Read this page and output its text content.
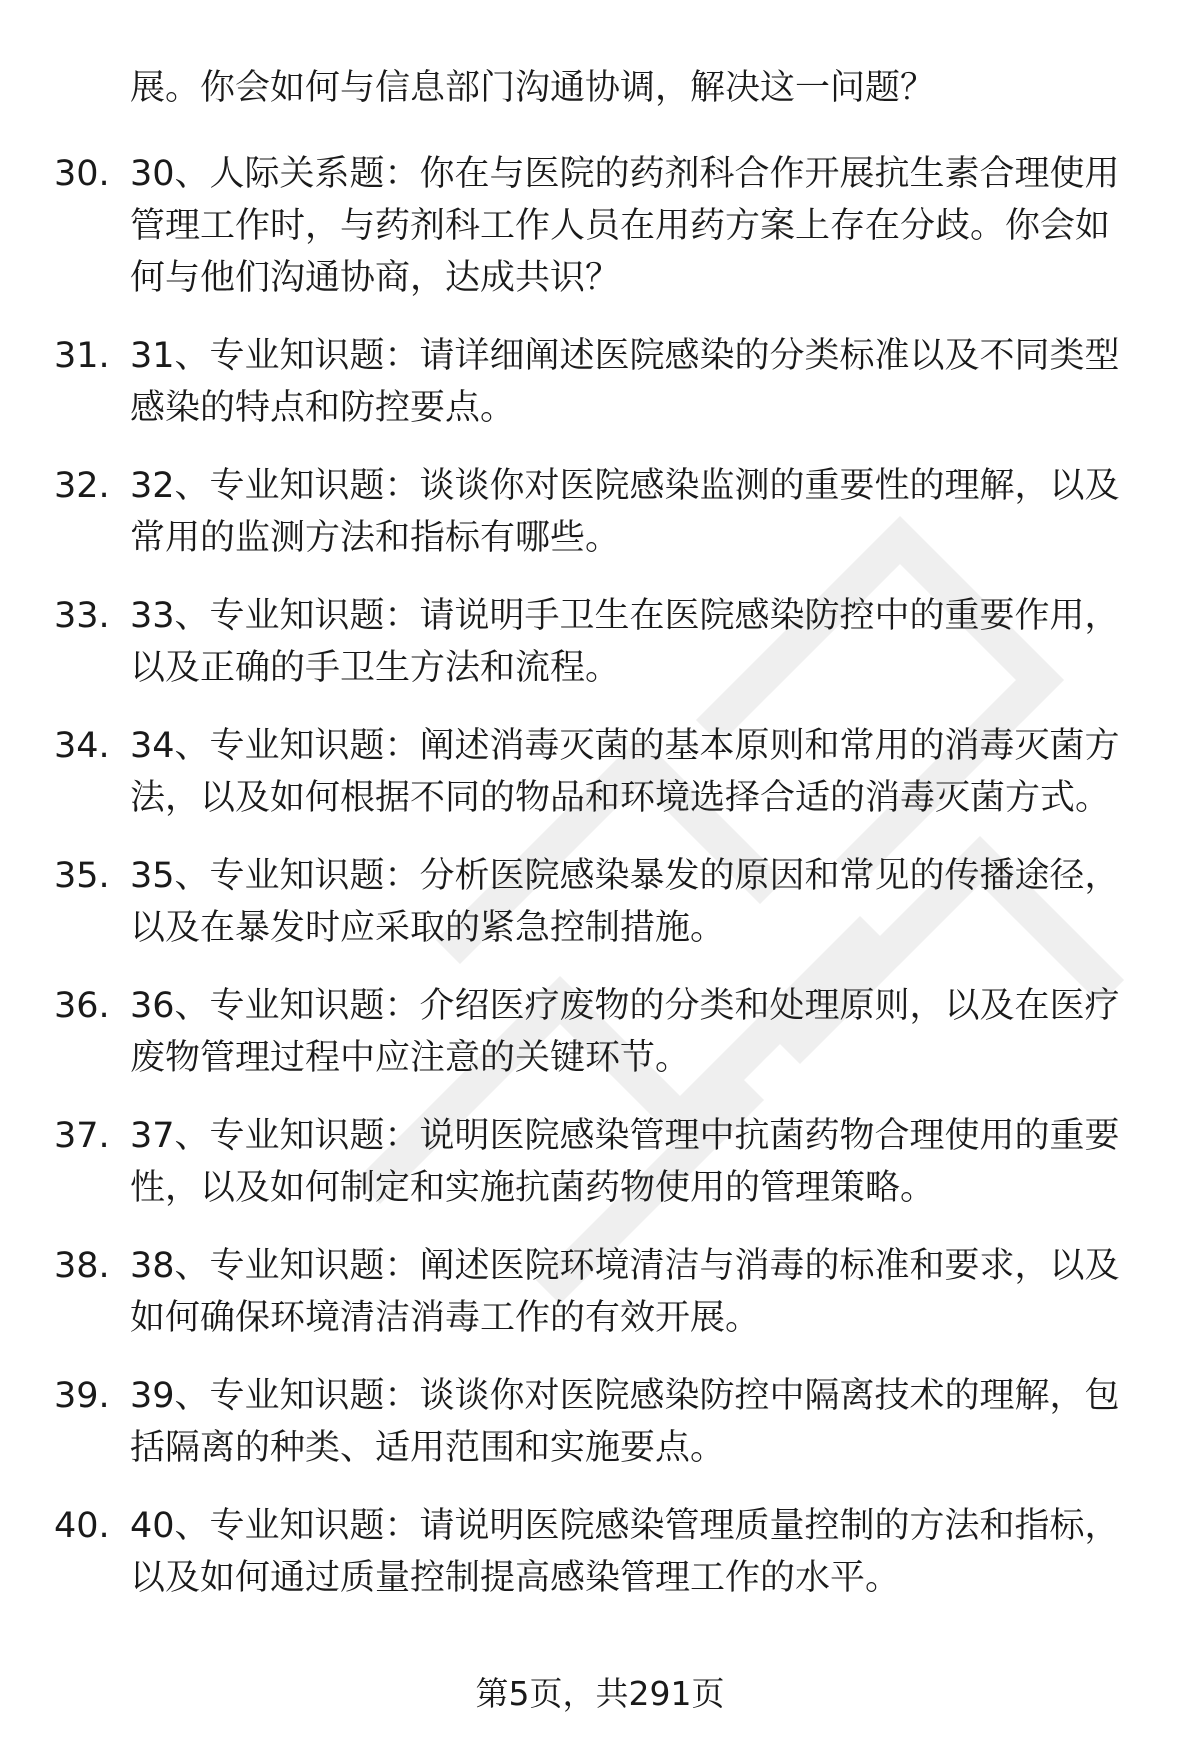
展。你会如何与信息部门沟通协调，解决这一问题？
30. 30、人际关系题：你在与医院的药剂科合作开展抗生素合理使用管理工作时，与药剂科工作人员在用药方案上存在分歧。你会如何与他们沟通协商，达成共识？
31. 31、专业知识题：请详细阐述医院感染的分类标准以及不同类型感染的特点和防控要点。
32. 32、专业知识题：谈谈你对医院感染监测的重要性的理解，以及常用的监测方法和指标有哪些。
33. 33、专业知识题：请说明手卫生在医院感染防控中的重要作用，以及正确的手卫生方法和流程。
34. 34、专业知识题：阐述消毒灭菌的基本原则和常用的消毒灭菌方法，以及如何根据不同的物品和环境选择合适的消毒灭菌方式。
35. 35、专业知识题：分析医院感染暴发的原因和常见的传播途径，以及在暴发时应采取的紧急控制措施。
36. 36、专业知识题：介绍医疗废物的分类和处理原则，以及在医疗废物管理过程中应注意的关键环节。
37. 37、专业知识题：说明医院感染管理中抗菌药物合理使用的重要性，以及如何制定和实施抗菌药物使用的管理策略。
38. 38、专业知识题：阐述医院环境清洁与消毒的标准和要求，以及如何确保环境清洁消毒工作的有效开展。
39. 39、专业知识题：谈谈你对医院感染防控中隔离技术的理解，包括隔离的种类、适用范围和实施要点。
40. 40、专业知识题：请说明医院感染管理质量控制的方法和指标，以及如何通过质量控制提高感染管理工作的水平。
第5页，共291页
